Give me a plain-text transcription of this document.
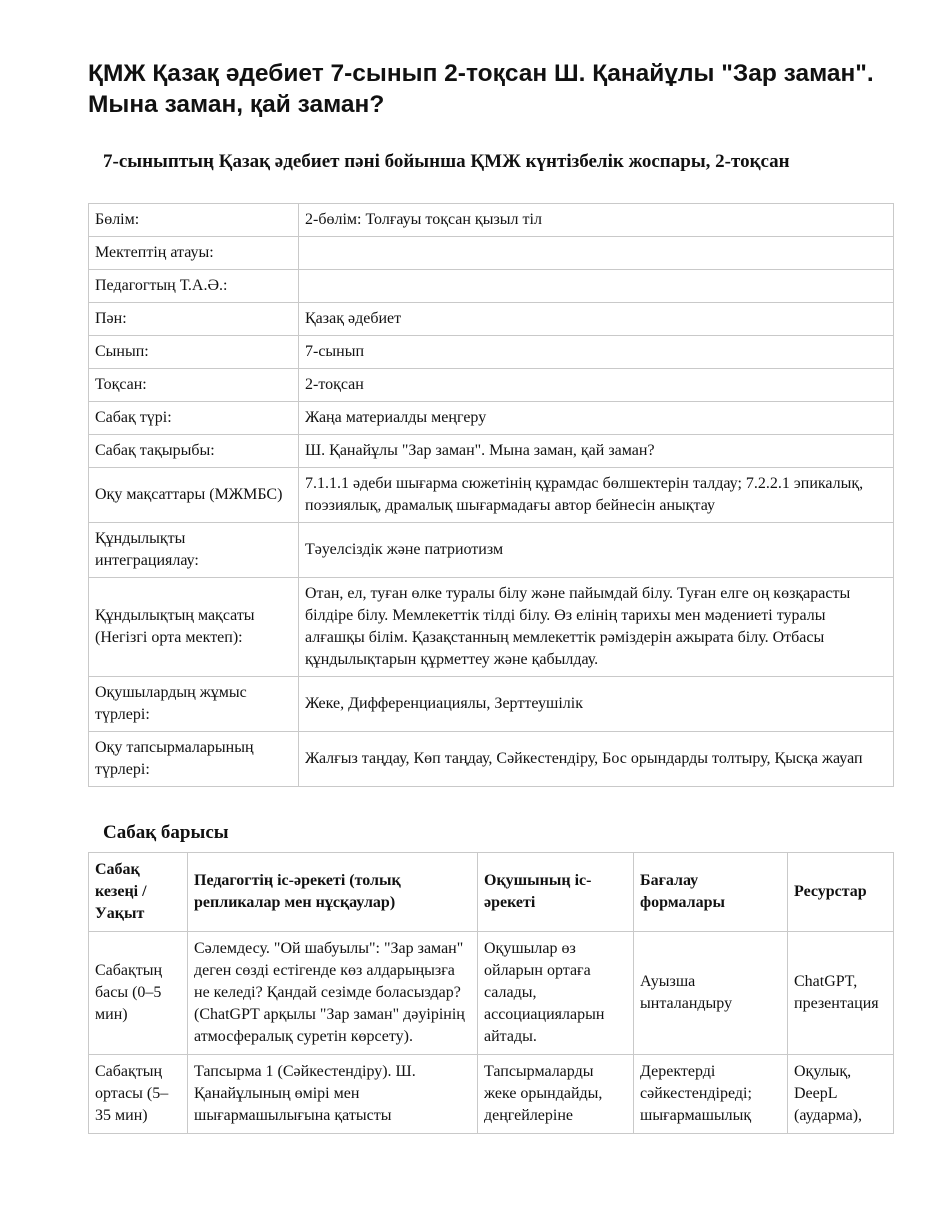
ҚМЖ Қазақ әдебиет 7-сынып 2-тоқсан Ш. Қанайұлы "Зар заман". Мына заман, қай заман?
7-сыныптың Қазақ әдебиет пәні бойынша ҚМЖ күнтізбелік жоспары, 2-тоқсан
Бөлім:	2-бөлім: Толғауы тоқсан қызыл тіл
Мектептің атауы:	
Педагогтың Т.А.Ә.:	
Пән:	Қазақ әдебиет
Сынып:	7-сынып
Тоқсан:	2-тоқсан
Сабақ түрі:	Жаңа материалды меңгеру
Сабақ тақырыбы:	Ш. Қанайұлы "Зар заман". Мына заман, қай заман?
Оқу мақсаттары (МЖМБС)	7.1.1.1 әдеби шығарма сюжетінің құрамдас бөлшектерін талдау; 7.2.2.1 эпикалық, поэзиялық, драмалық шығармадағы автор бейнесін анықтау
Құндылықты интеграциялау:	Тәуелсіздік және патриотизм
Құндылықтың мақсаты (Негізгі орта мектеп):	Отан, ел, туған өлке туралы білу және пайымдай білу. Туған елге оң көзқарасты білдіре білу. Мемлекеттік тілді білу. Өз елінің тарихы мен мәдениеті туралы алғашқы білім. Қазақстанның мемлекеттік рәміздерін ажырата білу. Отбасы құндылықтарын құрметтеу және қабылдау.
Оқушылардың жұмыс түрлері:	Жеке, Дифференциациялы, Зерттеушілік
Оқу тапсырмаларының түрлері:	Жалғыз таңдау, Көп таңдау, Сәйкестендіру, Бос орындарды толтыру, Қысқа жауап
Сабақ барысы
Сабақ кезеңі / Уақыт	Педагогтің іс-әрекеті (толық репликалар мен нұсқаулар)	Оқушының іс-әрекеті	Бағалау формалары	Ресурстар
Сабақтың басы (0–5 мин)	Сәлемдесу. "Ой шабуылы": "Зар заман" деген сөзді естігенде көз алдарыңызға не келеді? Қандай сезімде боласыздар? (ChatGPT арқылы "Зар заман" дәуірінің атмосфералық суретін көрсету).	Оқушылар өз ойларын ортаға салады, ассоциацияларын айтады.	Ауызша ынталандыру	ChatGPT, презентация
Сабақтың ортасы (5–35 мин)	Тапсырма 1 (Сәйкестендіру). Ш. Қанайұлының өмірі мен шығармашылығына қатысты	Тапсырмаларды жеке орындайды, деңгейлеріне	Деректерді сәйкестендіреді; шығармашылық	Оқулық, DeepL (аударма),
